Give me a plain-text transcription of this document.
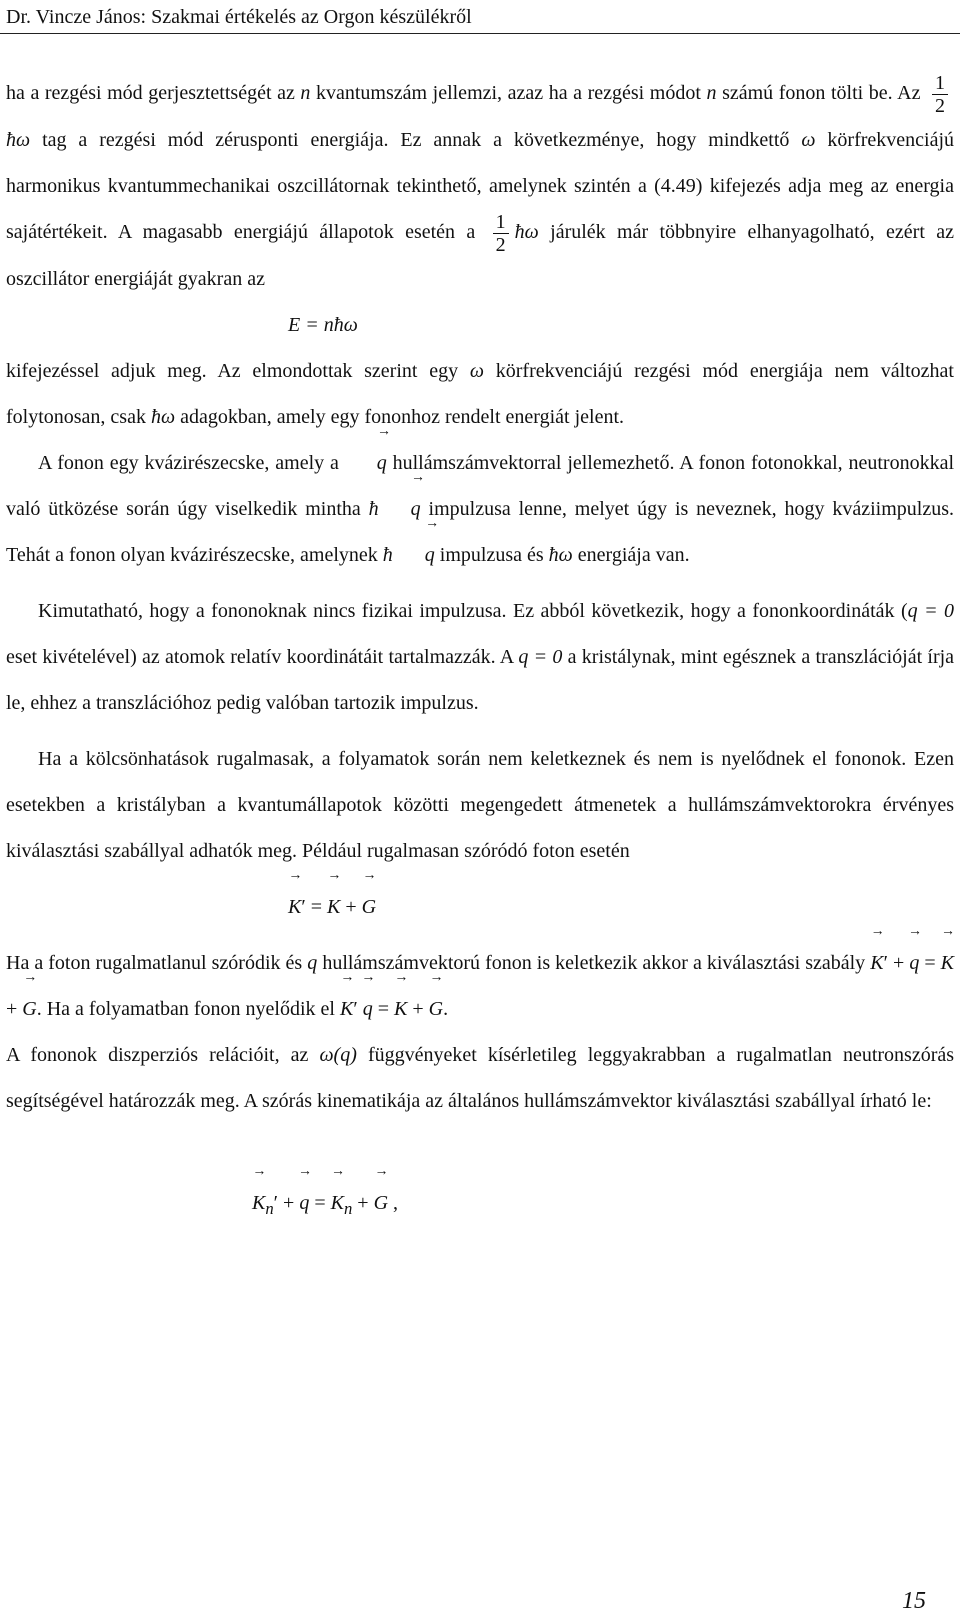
Dr. Vincze János: Szakmai értékelés az Orgon készülékről

ha a rezgési mód gerjesztettségét az n kvantumszám jellemzi, azaz ha a rezgési módot n számú fonon tölti be. Az $\frac{1}{2}$
ħω tag a rezgési mód zérusponti energiája. Ez annak a következménye, hogy mindkettő ω körfrekvenciájú harmonikus kvantummechanikai oszcillátornak tekinthető, amelynek szintén a (4.49) kifejezés adja meg az energia sajátértékeit. A magasabb energiájú állapotok esetén a $\frac{1}{2}$ ħω járulék már többnyire elhanyagolható, ezért az oszcillátor energiáját gyakran az

E = nħω

kifejezéssel adjuk meg. Az elmondottak szerint egy ω körfrekvenciájú rezgési mód energiája nem változhat folytonosan, csak ħω adagokban, amely egy fononhoz rendelt energiát jelent.

A fonon egy kvázirészecske, amely a → q hullámszámvektorral jellemezhető. A fonon fotonokkal, neutronokkal való ütközése során úgy viselkedik mintha ħ → q impulzusa lenne, melyet úgy is neveznek, hogy kváziimpulzus. Tehát a fonon olyan kvázirészecske, amelynek ħ → q impulzusa és ħω energiája van.

Kimutatható, hogy a fononoknak nincs fizikai impulzusa. Ez abból következik, hogy a fononkoordináták (q = 0 eset kivételével) az atomok relatív koordinátáit tartalmazzák. A q = 0 a kristálynak, mint egésznek a transzlációját írja le, ehhez a transzlációhoz pedig valóban tartozik impulzus.

Ha a kölcsönhatások rugalmasak, a folyamatok során nem keletkeznek és nem is nyelődnek el fononok. Ezen esetekben a kristályban a kvantumállapotok közötti megengedett átmenetek a hullámszámvektorokra érvényes kiválasztási szabállyal adhatók meg. Például rugalmasan szóródó foton esetén

→ K′ = → K + → G

Ha a foton rugalmatlanul szóródik és q hullámszámvektorú fonon is keletkezik akkor a kiválasztási szabály → K′ + → q = → K + → G. Ha a folyamatban fonon nyelődik el → K′ → q = → K + → G.

A fononok diszperziós relációit, az ω(q) függvényeket kísérletileg leggyakrabban a rugalmatlan neutronszórás segítségével határozzák meg. A szórás kinematikája az általános hullámszámvektor kiválasztási szabállyal írható le:

→ $K_n'$ + → q = → $K_n$ + → G ,
15
